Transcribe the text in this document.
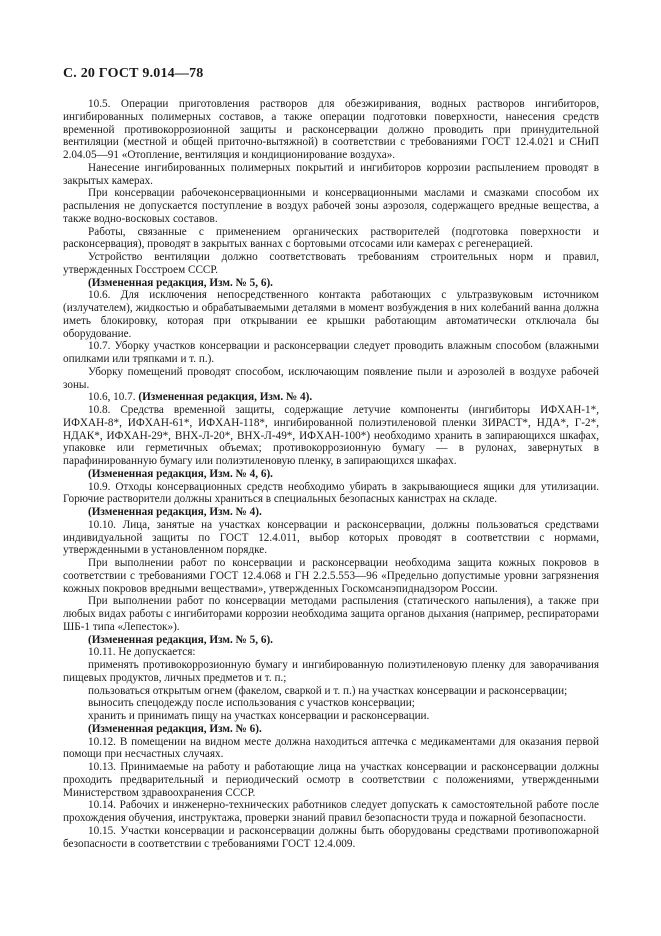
С. 20 ГОСТ 9.014—78

10.5. Операции приготовления растворов для обезжиривания, водных растворов ингибиторов, ингибированных полимерных составов, а также операции подготовки поверхности, нанесения средств временной противокоррозионной защиты и расконсервации должно проводить при принудительной вентиляции (местной и общей приточно-вытяжной) в соответствии с требованиями ГОСТ 12.4.021 и СНиП 2.04.05—91 «Отопление, вентиляция и кондиционирование воздуха».

Нанесение ингибированных полимерных покрытий и ингибиторов коррозии распылением проводят в закрытых камерах.

При консервации рабочеконсервационными и консервационными маслами и смазками способом их распыления не допускается поступление в воздух рабочей зоны аэрозоля, содержащего вредные вещества, а также водно-восковых составов.

Работы, связанные с применением органических растворителей (подготовка поверхности и расконсервация), проводят в закрытых ваннах с бортовыми отсосами или камерах с регенерацией.

Устройство вентиляции должно соответствовать требованиям строительных норм и правил, утвержденных Госстроем СССР.

(Измененная редакция, Изм. № 5, 6).

10.6. Для исключения непосредственного контакта работающих с ультразвуковым источником (излучателем), жидкостью и обрабатываемыми деталями в момент возбуждения в них колебаний ванна должна иметь блокировку, которая при открывании ее крышки работающим автоматически отключала бы оборудование.

10.7. Уборку участков консервации и расконсервации следует проводить влажным способом (влажными опилками или тряпками и т. п.).

Уборку помещений проводят способом, исключающим появление пыли и аэрозолей в воздухе рабочей зоны.

10.6, 10.7. (Измененная редакция, Изм. № 4).

10.8. Средства временной защиты, содержащие летучие компоненты (ингибиторы ИФХАН-1*, ИФХАН-8*, ИФХАН-61*, ИФХАН-118*, ингибированной полиэтиленовой пленки ЗИРАСТ*, НДА*, Г-2*, НДАК*, ИФХАН-29*, ВНХ-Л-20*, ВНХ-Л-49*, ИФХАН-100*) необходимо хранить в запирающихся шкафах, упаковке или герметичных объемах; противокоррозионную бумагу — в рулонах, завернутых в парафинированную бумагу или полиэтиленовую пленку, в запирающихся шкафах.

(Измененная редакция, Изм. № 4, 6).

10.9. Отходы консервационных средств необходимо убирать в закрывающиеся ящики для утилизации. Горючие растворители должны храниться в специальных безопасных канистрах на складе.

(Измененная редакция, Изм. № 4).

10.10. Лица, занятые на участках консервации и расконсервации, должны пользоваться средствами индивидуальной защиты по ГОСТ 12.4.011, выбор которых проводят в соответствии с нормами, утвержденными в установленном порядке.

При выполнении работ по консервации и расконсервации необходима защита кожных покровов в соответствии с требованиями ГОСТ 12.4.068 и ГН 2.2.5.553—96 «Предельно допустимые уровни загрязнения кожных покровов вредными веществами», утвержденных Госкомсанэпиднадзором России.

При выполнении работ по консервации методами распыления (статического напыления), а также при любых видах работы с ингибиторами коррозии необходима защита органов дыхания (например, респираторами ШБ-1 типа «Лепесток»).

(Измененная редакция, Изм. № 5, 6).

10.11. Не допускается:

применять противокоррозионную бумагу и ингибированную полиэтиленовую пленку для заворачивания пищевых продуктов, личных предметов и т. п.;

пользоваться открытым огнем (факелом, сваркой и т. п.) на участках консервации и расконсервации;

выносить спецодежду после использования с участков консервации;

хранить и принимать пищу на участках консервации и расконсервации.

(Измененная редакция, Изм. № 6).

10.12. В помещении на видном месте должна находиться аптечка с медикаментами для оказания первой помощи при несчастных случаях.

10.13. Принимаемые на работу и работающие лица на участках консервации и расконсервации должны проходить предварительный и периодический осмотр в соответствии с положениями, утвержденными Министерством здравоохранения СССР.

10.14. Рабочих и инженерно-технических работников следует допускать к самостоятельной работе после прохождения обучения, инструктажа, проверки знаний правил безопасности труда и пожарной безопасности.

10.15. Участки консервации и расконсервации должны быть оборудованы средствами противопожарной безопасности в соответствии с требованиями ГОСТ 12.4.009.
